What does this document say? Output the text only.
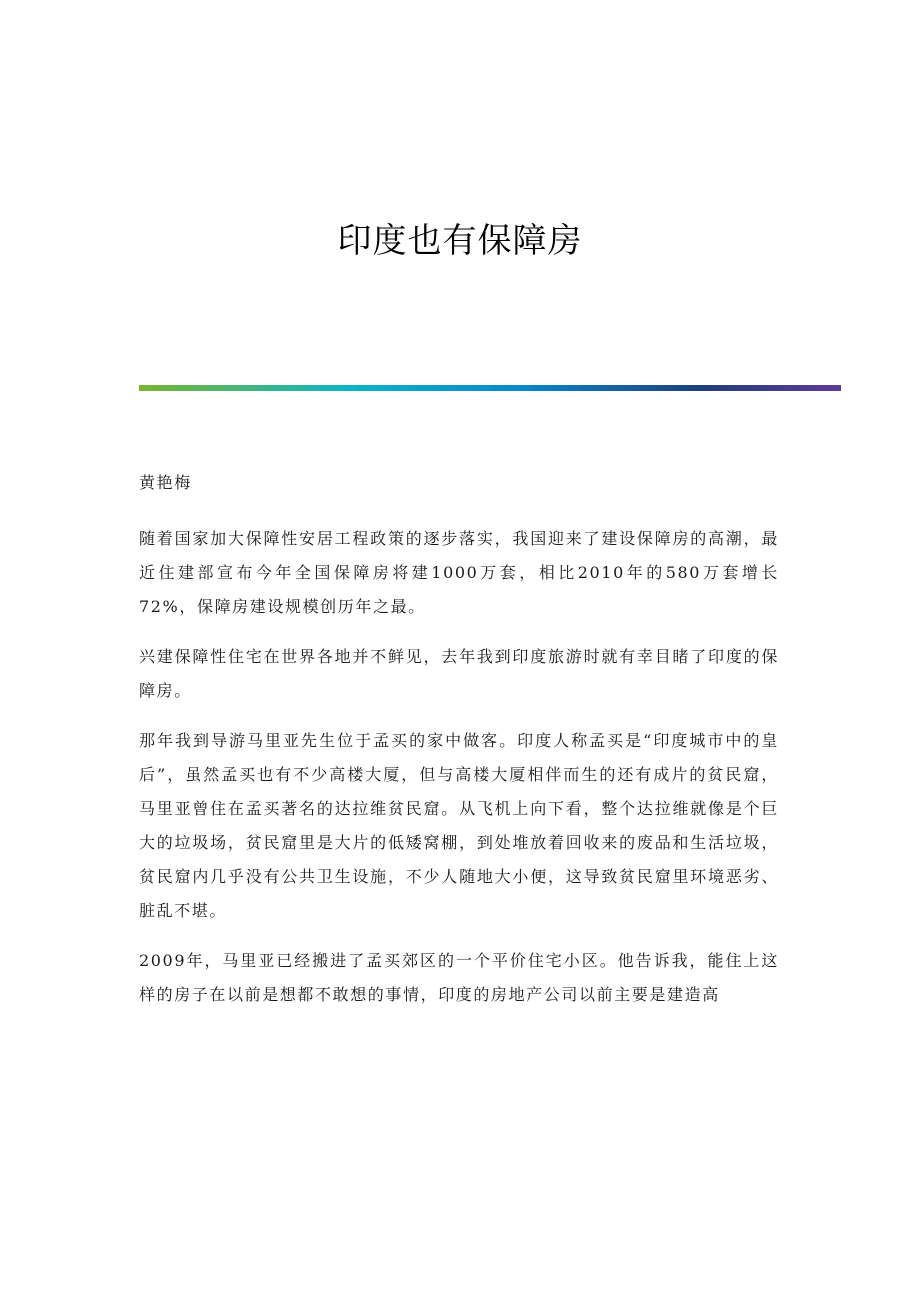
印度也有保障房

黄艳梅

随着国家加大保障性安居工程政策的逐步落实，我国迎来了建设保障房的高潮，最近住建部宣布今年全国保障房将建1000万套，相比2010年的580万套增长72%，保障房建设规模创历年之最。

兴建保障性住宅在世界各地并不鲜见，去年我到印度旅游时就有幸目睹了印度的保障房。

那年我到导游马里亚先生位于孟买的家中做客。印度人称孟买是“印度城市中的皇后”，虽然孟买也有不少高楼大厦，但与高楼大厦相伴而生的还有成片的贫民窟，马里亚曾住在孟买著名的达拉维贫民窟。从飞机上向下看，整个达拉维就像是个巨大的垃圾场，贫民窟里是大片的低矮窝棚，到处堆放着回收来的废品和生活垃圾，贫民窟内几乎没有公共卫生设施，不少人随地大小便，这导致贫民窟里环境恶劣、脏乱不堪。

2009年，马里亚已经搬进了孟买郊区的一个平价住宅小区。他告诉我，能住上这样的房子在以前是想都不敢想的事情，印度的房地产公司以前主要是建造高
